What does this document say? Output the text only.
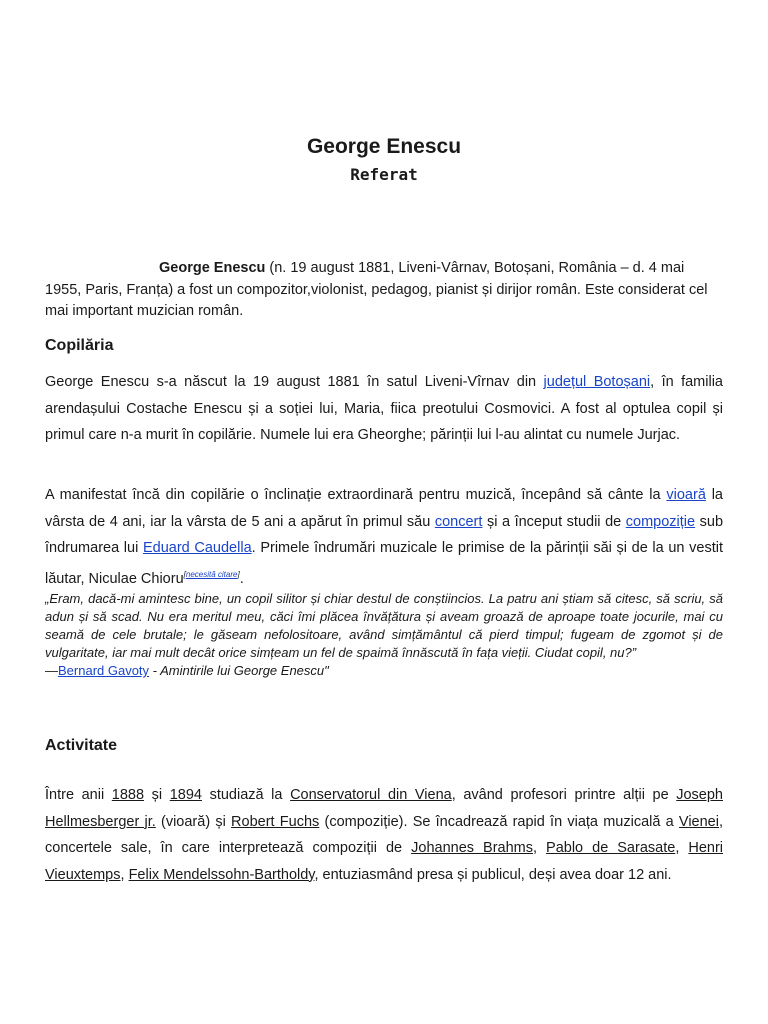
George Enescu
Referat

George Enescu (n. 19 august 1881, Liveni-Vârnav, Botoșani, România – d. 4 mai 1955, Paris, Franța) a fost un compozitor,violonist, pedagog, pianist și dirijor român. Este considerat cel mai important muzician român.

Copilăria

George Enescu s-a născut la 19 august 1881 în satul Liveni-Vîrnav din județul Botoșani, în familia arendașului Costache Enescu și a soției lui, Maria, fiica preotului Cosmovici. A fost al optulea copil și primul care n-a murit în copilărie. Numele lui era Gheorghe; părinții lui l-au alintat cu numele Jurjac.

A manifestat încă din copilărie o înclinație extraordinară pentru muzică, începând să cânte la vioară la vârsta de 4 ani, iar la vârsta de 5 ani a apărut în primul său concert și a început studii de compoziție sub îndrumarea lui Eduard Caudella. Primele îndrumări muzicale le primise de la părinții săi și de la un vestit lăutar, Niculae Chioru[necesită citare].

„Eram, dacă-mi amintesc bine, un copil silitor și chiar destul de conștiincios. La patru ani știam să citesc, să scriu, să adun și să scad. Nu era meritul meu, căci îmi plăcea învățătura și aveam groază de aproape toate jocurile, mai cu seamă de cele brutale; le găseam nefolositoare, având simțământul că pierd timpul; fugeam de zgomot și de vulgaritate, iar mai mult decât orice simțeam un fel de spaimă înnăscută în fața vieții. Ciudat copil, nu?”
—Bernard Gavoty - Amintirile lui George Enescu"

Activitate

Între anii 1888 și 1894 studiază la Conservatorul din Viena, având profesori printre alții pe Joseph Hellmesberger jr. (vioară) și Robert Fuchs (compoziție). Se încadrează rapid în viața muzicală a Vienei, concertele sale, în care interpretează compoziții de Johannes Brahms, Pablo de Sarasate, Henri Vieuxtemps, Felix Mendelssohn-Bartholdy, entuziasmând presa și publicul, deși avea doar 12 ani.
